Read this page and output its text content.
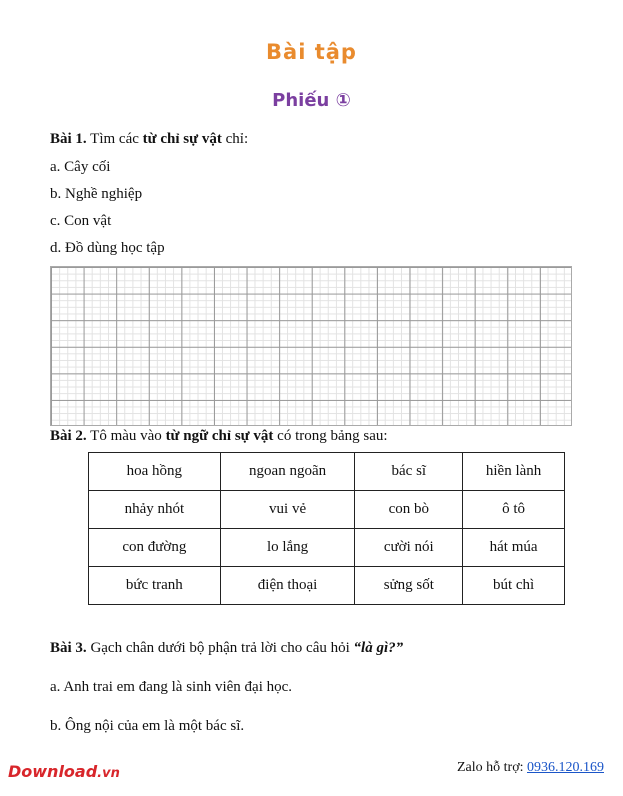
Bài tập
Phiếu ①
Bài 1. Tìm các từ chỉ sự vật chỉ:
a. Cây cối
b. Nghề nghiệp
c. Con vật
d. Đồ dùng học tập
Bài 2. Tô màu vào từ ngữ chỉ sự vật có trong bảng sau:
hoa hồng	ngoan ngoãn	bác sĩ	hiền lành
nhảy nhót	vui vẻ	con bò	ô tô
con đường	lo lắng	cười nói	hát múa
bức tranh	điện thoại	sửng sốt	bút chì
Bài 3. Gạch chân dưới bộ phận trả lời cho câu hỏi “là gì?”
a. Anh trai em đang là sinh viên đại học.
b. Ông nội của em là một bác sĩ.
Download.vn	Zalo hỗ trợ: 0936.120.169
